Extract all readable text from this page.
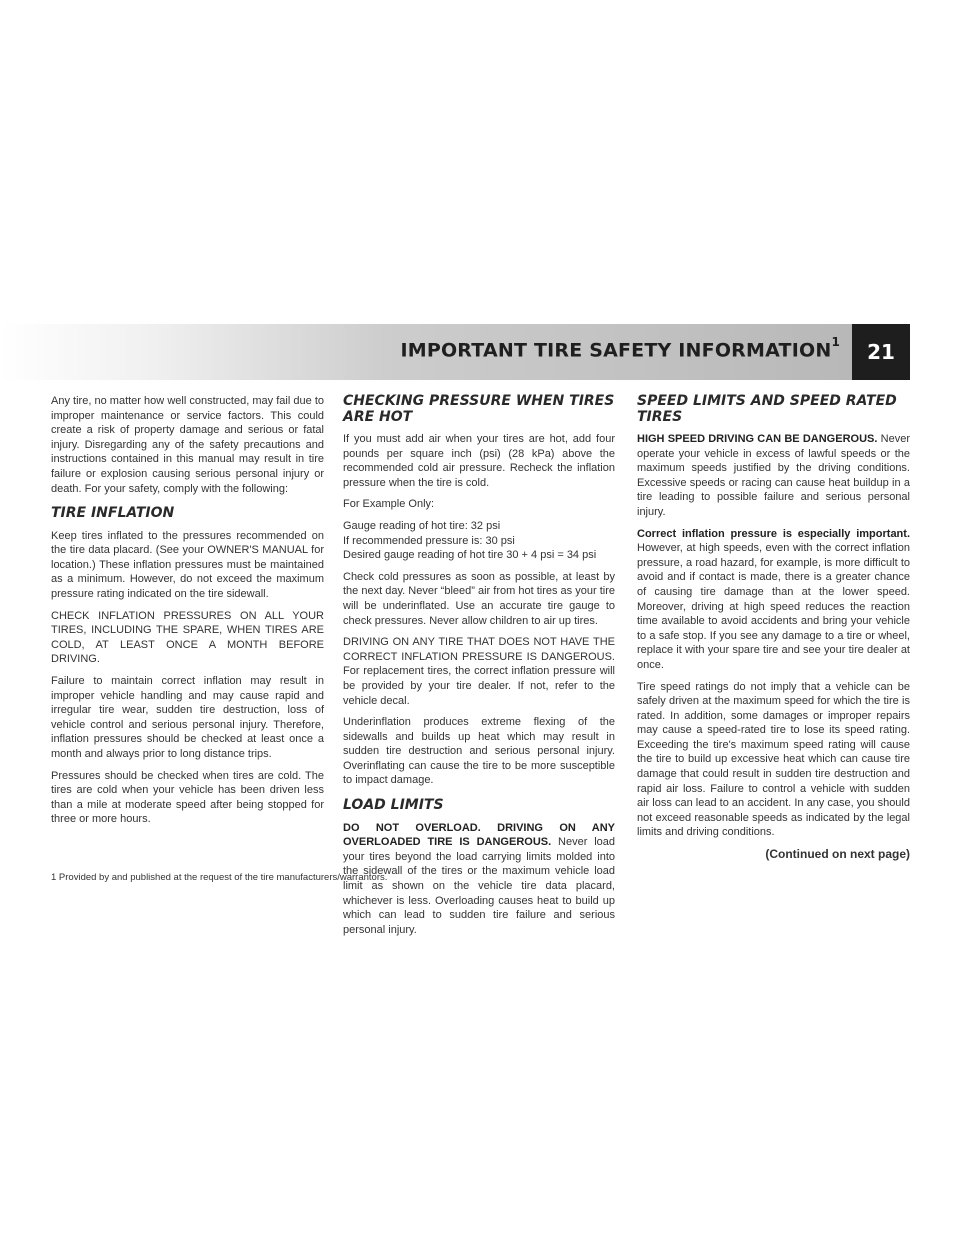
IMPORTANT TIRE SAFETY INFORMATION$^1$	21

Any tire, no matter how well constructed, may fail due to improper maintenance or service factors. This could create a risk of property damage and serious or fatal injury. Disregarding any of the safety precautions and instructions contained in this manual may result in tire failure or explosion causing serious personal injury or death. For your safety, comply with the following:

TIRE INFLATION

Keep tires inflated to the pressures recommended on the tire data placard. (See your OWNER'S MANUAL for location.) These inflation pressures must be maintained as a minimum. However, do not exceed the maximum pressure rating indicated on the tire sidewall.

CHECK INFLATION PRESSURES ON ALL YOUR TIRES, INCLUDING THE SPARE, WHEN TIRES ARE COLD, AT LEAST ONCE A MONTH BEFORE DRIVING.

Failure to maintain correct inflation may result in improper vehicle handling and may cause rapid and irregular tire wear, sudden tire destruction, loss of vehicle control and serious personal injury. Therefore, inflation pressures should be checked at least once a month and always prior to long distance trips.

Pressures should be checked when tires are cold. The tires are cold when your vehicle has been driven less than a mile at moderate speed after being stopped for three or more hours.

CHECKING PRESSURE WHEN TIRES ARE HOT

If you must add air when your tires are hot, add four pounds per square inch (psi) (28 kPa) above the recommended cold air pressure. Recheck the inflation pressure when the tire is cold.

For Example Only:

Gauge reading of hot tire: 32 psi

If recommended pressure is: 30 psi

Desired gauge reading of hot tire 30 + 4 psi = 34 psi

Check cold pressures as soon as possible, at least by the next day. Never “bleed” air from hot tires as your tire will be underinflated. Use an accurate tire gauge to check pressures. Never allow children to air up tires.

DRIVING ON ANY TIRE THAT DOES NOT HAVE THE CORRECT INFLATION PRESSURE IS DANGEROUS. For replacement tires, the correct inflation pressure will be provided by your tire dealer. If not, refer to the vehicle decal.

Underinflation produces extreme flexing of the sidewalls and builds up heat which may result in sudden tire destruction and serious personal injury. Overinflating can cause the tire to be more susceptible to impact damage.

LOAD LIMITS

DO NOT OVERLOAD. DRIVING ON ANY OVERLOADED TIRE IS DANGEROUS. Never load your tires beyond the load carrying limits molded into the sidewall of the tires or the maximum vehicle load limit as shown on the vehicle tire data placard, whichever is less. Overloading causes heat to build up which can lead to sudden tire failure and serious personal injury.

SPEED LIMITS AND SPEED RATED TIRES

HIGH SPEED DRIVING CAN BE DANGEROUS. Never operate your vehicle in excess of lawful speeds or the maximum speeds justified by the driving conditions. Excessive speeds or racing can cause heat buildup in a tire leading to possible failure and serious personal injury.

Correct inflation pressure is especially important. However, at high speeds, even with the correct inflation pressure, a road hazard, for example, is more difficult to avoid and if contact is made, there is a greater chance of causing tire damage than at the lower speed. Moreover, driving at high speed reduces the reaction time available to avoid accidents and bring your vehicle to a safe stop. If you see any damage to a tire or wheel, replace it with your spare tire and see your tire dealer at once.

Tire speed ratings do not imply that a vehicle can be safely driven at the maximum speed for which the tire is rated. In addition, some damages or improper repairs may cause a speed-rated tire to lose its speed rating. Exceeding the tire's maximum speed rating will cause the tire to build up excessive heat which can cause tire damage that could result in sudden tire destruction and rapid air loss. Failure to control a vehicle with sudden air loss can lead to an accident. In any case, you should not exceed reasonable speeds as indicated by the legal limits and driving conditions.

(Continued on next page)

1 Provided by and published at the request of the tire manufacturers/warrantors.
